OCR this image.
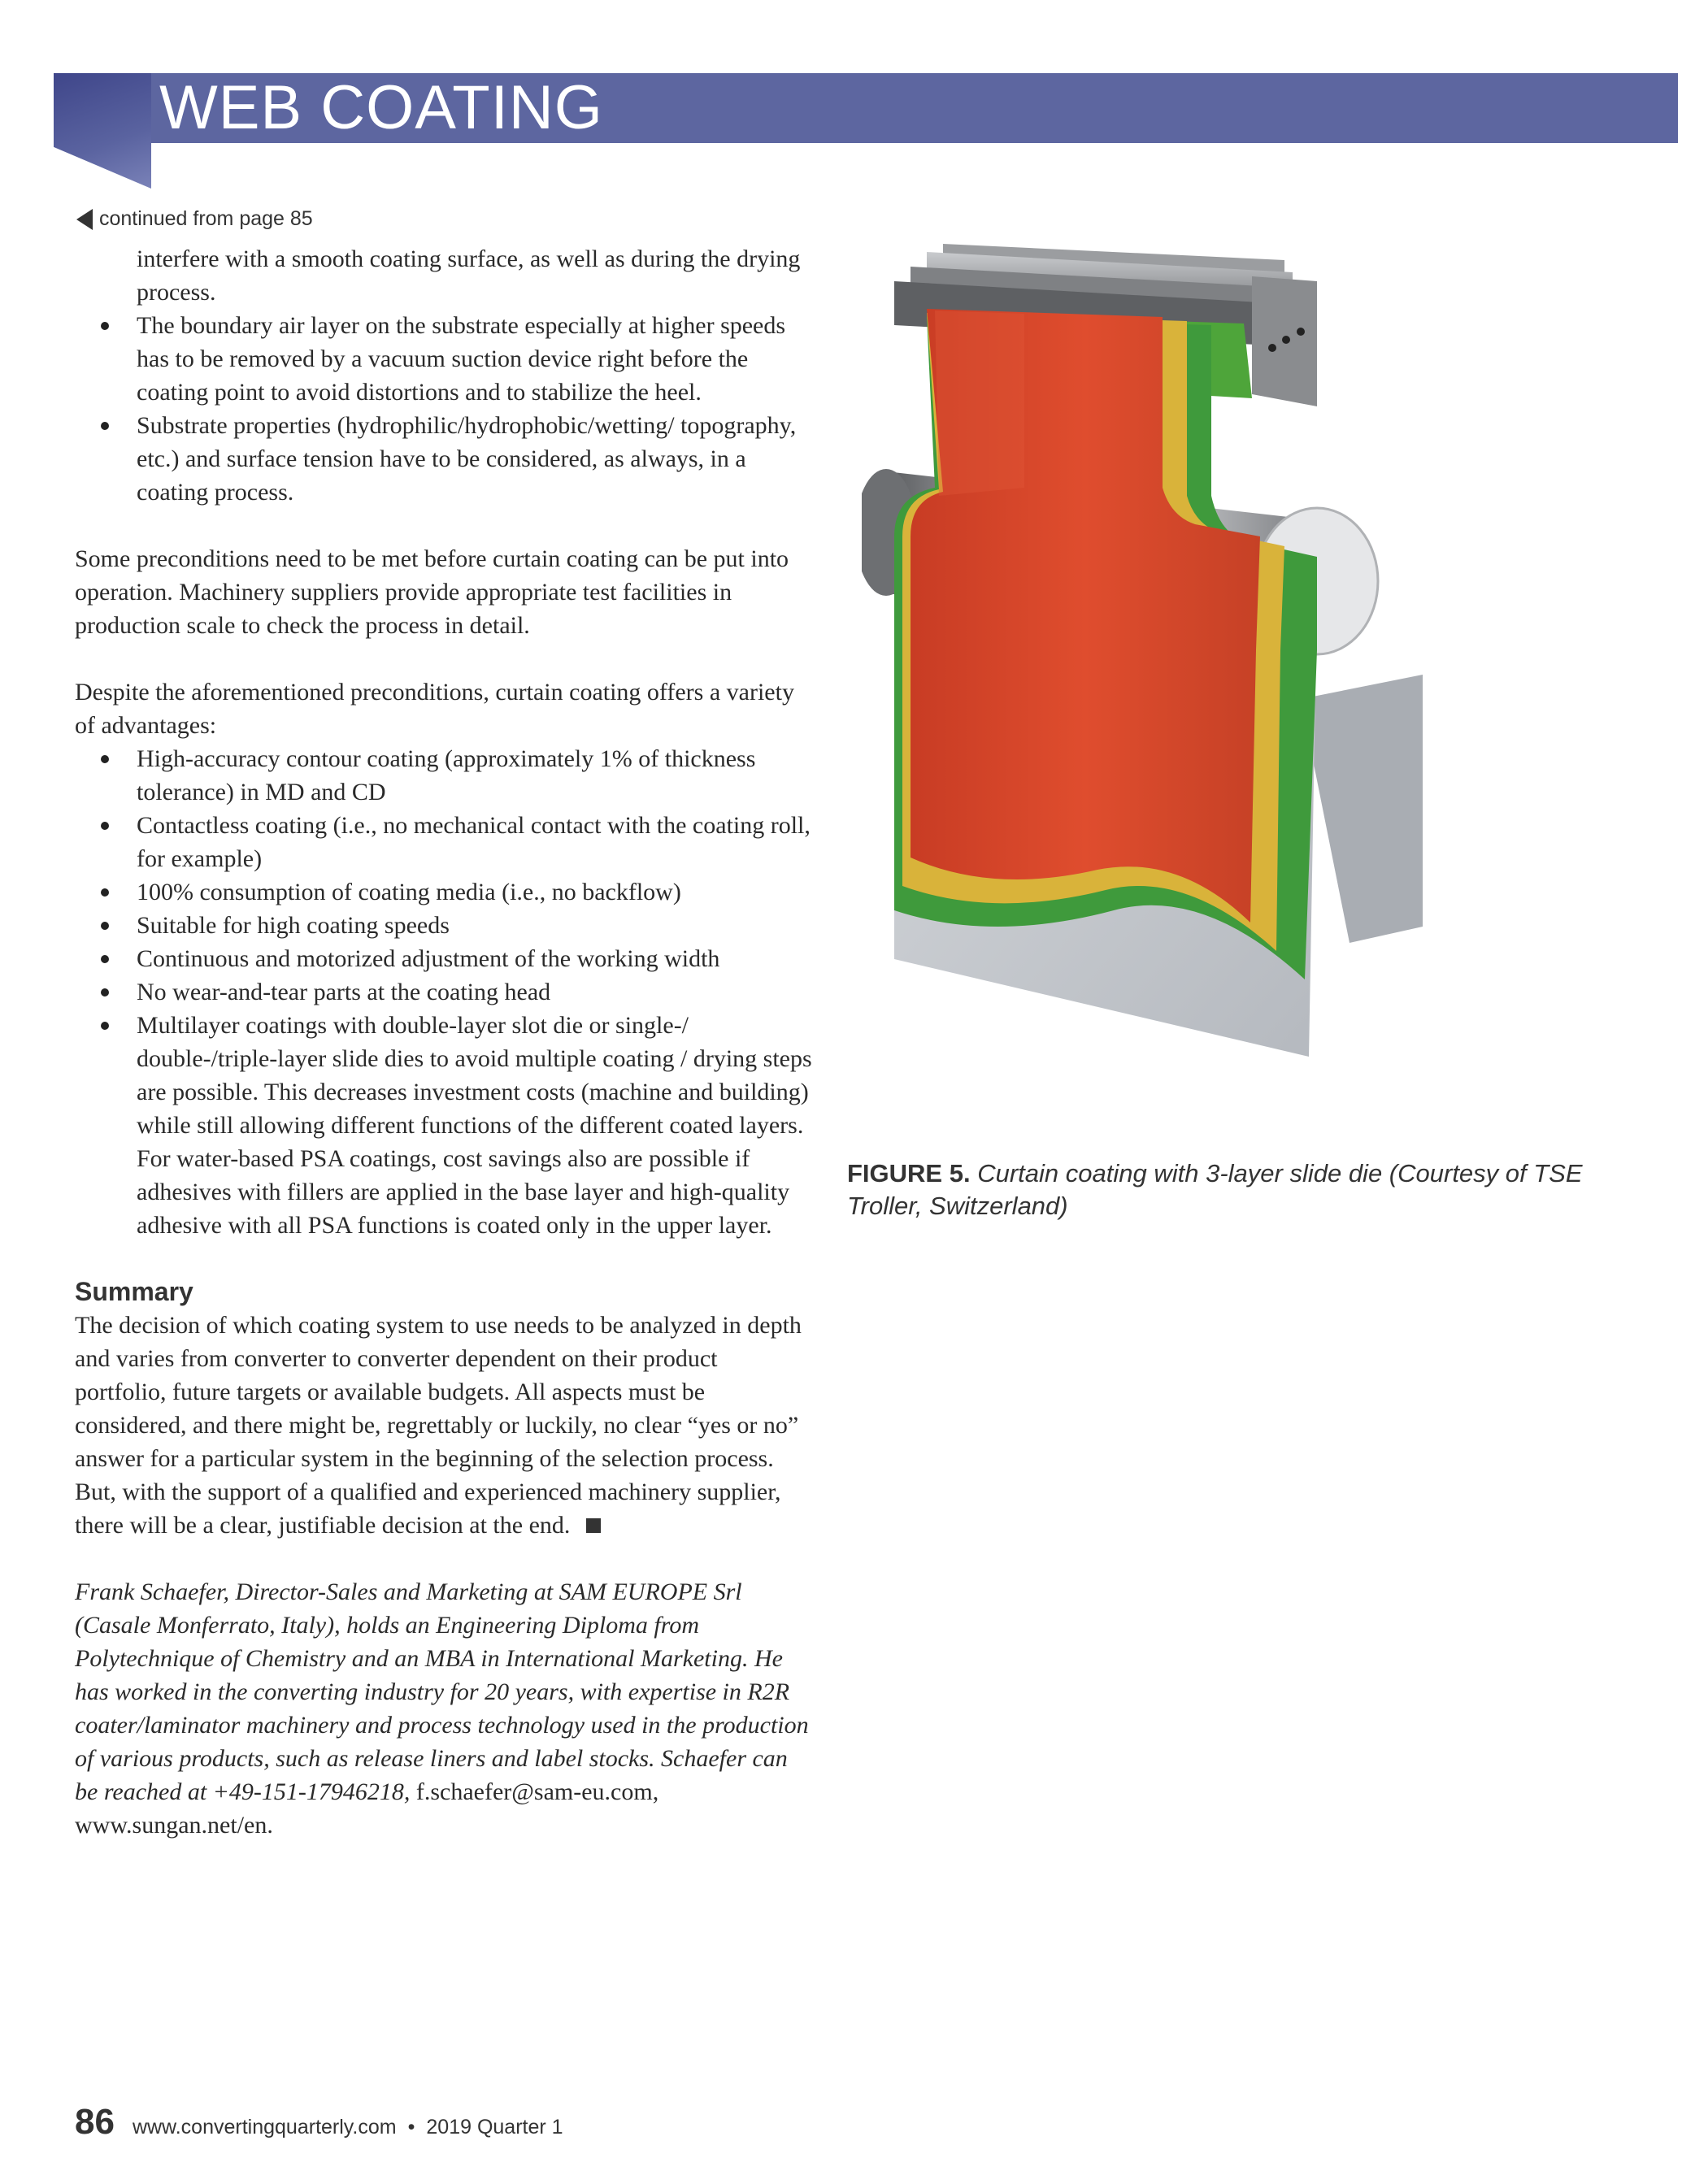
WEB COATING
continued from page 85

interfere with a smooth coating surface, as well as during the drying process.

The boundary air layer on the substrate especially at higher speeds has to be removed by a vacuum suction device right before the coating point to avoid distortions and to stabilize the heel.
Substrate properties (hydrophilic/hydrophobic/wetting/ topography, etc.) and surface tension have to be considered, as always, in a coating process.

Some preconditions need to be met before curtain coating can be put into operation. Machinery suppliers provide appropriate test facilities in production scale to check the process in detail.

Despite the aforementioned preconditions, curtain coating offers a variety of advantages:

High-accuracy contour coating (approximately 1% of thickness tolerance) in MD and CD
Contactless coating (i.e., no mechanical contact with the coating roll, for example)
100% consumption of coating media (i.e., no backflow)
Suitable for high coating speeds
Continuous and motorized adjustment of the working width
No wear-and-tear parts at the coating head
Multilayer coatings with double-layer slot die or single-/ double-/triple-layer slide dies to avoid multiple coating / drying steps are possible. This decreases investment costs (machine and building) while still allowing different functions of the different coated layers. For water-based PSA coatings, cost savings also are possible if adhesives with fillers are applied in the base layer and high-quality adhesive with all PSA functions is coated only in the upper layer.
Summary

The decision of which coating system to use needs to be analyzed in depth and varies from converter to converter dependent on their product portfolio, future targets or available budgets. All aspects must be considered, and there might be, regrettably or luckily, no clear “yes or no” answer for a particular system in the beginning of the selection process. But, with the support of a qualified and experienced machinery supplier, there will be a clear, justifiable decision at the end.

Frank Schaefer, Director-Sales and Marketing at SAM EUROPE Srl (Casale Monferrato, Italy), holds an Engineering Diploma from Polytechnique of Chemistry and an MBA in International Marketing. He has worked in the converting industry for 20 years, with expertise in R2R coater/laminator machinery and process technology used in the production of various products, such as release liners and label stocks. Schaefer can be reached at +49-151-17946218, f.schaefer@sam-eu.com, www.sungan.net/en.

FIGURE 5. Curtain coating with 3-layer slide die (Courtesy of TSE Troller, Switzerland)
86 www.convertingquarterly.com • 2019 Quarter 1
